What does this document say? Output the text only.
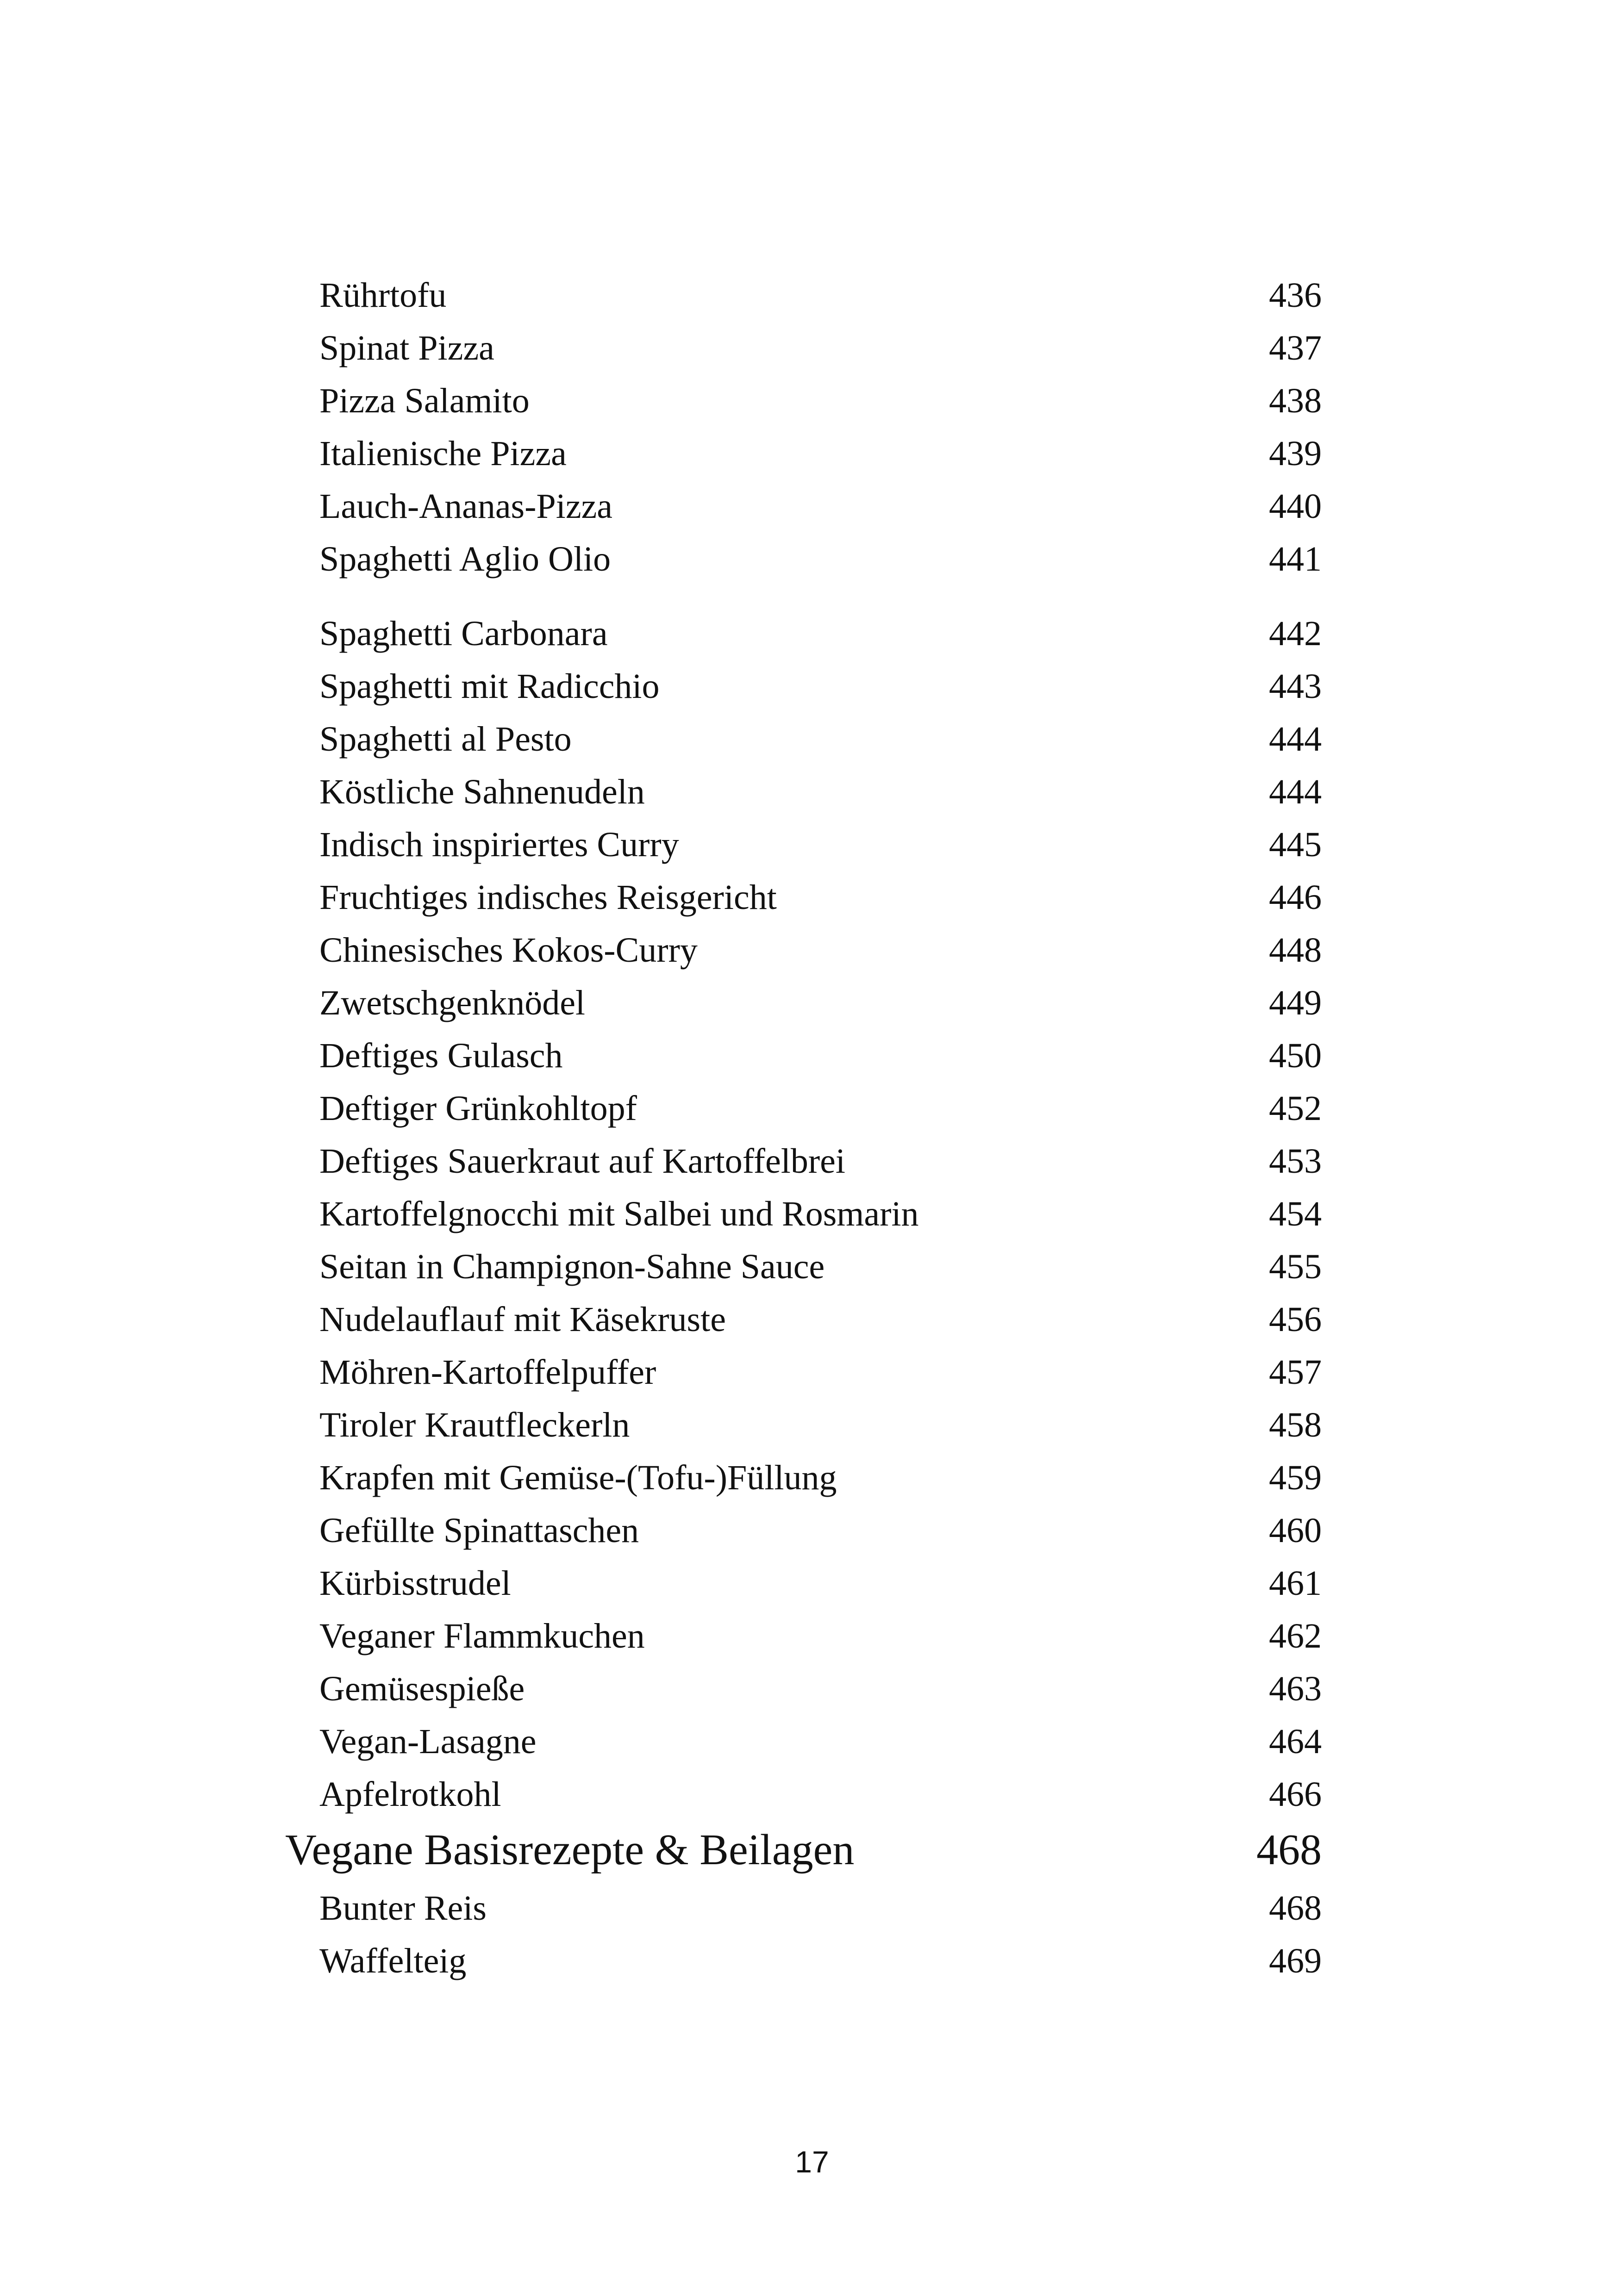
Rührtofu	436
Spinat Pizza	437
Pizza Salamito	438
Italienische Pizza	439
Lauch-Ananas-Pizza	440
Spaghetti Aglio Olio	441
Spaghetti Carbonara	442
Spaghetti mit Radicchio	443
Spaghetti al Pesto	444
Köstliche Sahnenudeln	444
Indisch inspiriertes Curry	445
Fruchtiges indisches Reisgericht	446
Chinesisches Kokos-Curry	448
Zwetschgenknödel	449
Deftiges Gulasch	450
Deftiger Grünkohltopf	452
Deftiges Sauerkraut auf Kartoffelbrei	453
Kartoffelgnocchi mit Salbei und Rosmarin	454
Seitan in Champignon-Sahne Sauce	455
Nudelauflauf mit Käsekruste	456
Möhren-Kartoffelpuffer	457
Tiroler Krautfleckerln	458
Krapfen mit Gemüse-(Tofu-)Füllung	459
Gefüllte Spinattaschen	460
Kürbisstrudel	461
Veganer Flammkuchen	462
Gemüsespieße	463
Vegan-Lasagne	464
Apfelrotkohl	466
Vegane Basisrezepte & Beilagen	468
Bunter Reis	468
Waffelteig	469
17
